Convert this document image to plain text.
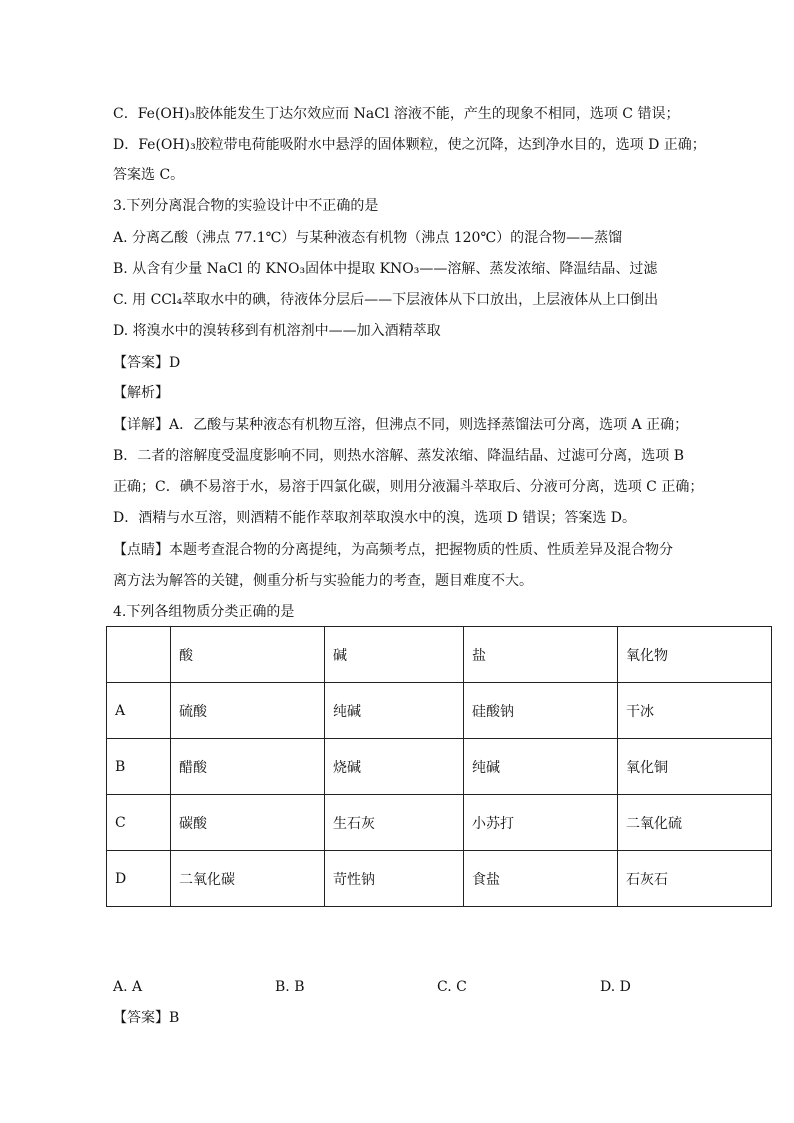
C．Fe(OH)₃胶体能发生丁达尔效应而 NaCl 溶液不能，产生的现象不相同，选项 C 错误；
D．Fe(OH)₃胶粒带电荷能吸附水中悬浮的固体颗粒，使之沉降，达到净水目的，选项 D 正确；
答案选 C。
3.下列分离混合物的实验设计中不正确的是
A. 分离乙酸（沸点 77.1℃）与某种液态有机物（沸点 120℃）的混合物——蒸馏
B. 从含有少量 NaCl 的 KNO₃固体中提取 KNO₃——溶解、蒸发浓缩、降温结晶、过滤
C. 用 CCl₄萃取水中的碘，待液体分层后——下层液体从下口放出，上层液体从上口倒出
D. 将溴水中的溴转移到有机溶剂中——加入酒精萃取
【答案】D
【解析】
【详解】A．乙酸与某种液态有机物互溶，但沸点不同，则选择蒸馏法可分离，选项 A 正确；
B．二者的溶解度受温度影响不同，则热水溶解、蒸发浓缩、降温结晶、过滤可分离，选项 B
正确；C．碘不易溶于水，易溶于四氯化碳，则用分液漏斗萃取后、分液可分离，选项 C 正确；
D．酒精与水互溶，则酒精不能作萃取剂萃取溴水中的溴，选项 D 错误；答案选 D。
【点睛】本题考查混合物的分离提纯，为高频考点，把握物质的性质、性质差异及混合物分
离方法为解答的关键，侧重分析与实验能力的考查，题目难度不大。
4.下列各组物质分类正确的是
	酸	碱	盐	氧化物
A	硫酸	纯碱	硅酸钠	干冰
B	醋酸	烧碱	纯碱	氧化铜
C	碳酸	生石灰	小苏打	二氧化硫
D	二氧化碳	苛性钠	食盐	石灰石
A. A	B. B	C. C	D. D
【答案】B
